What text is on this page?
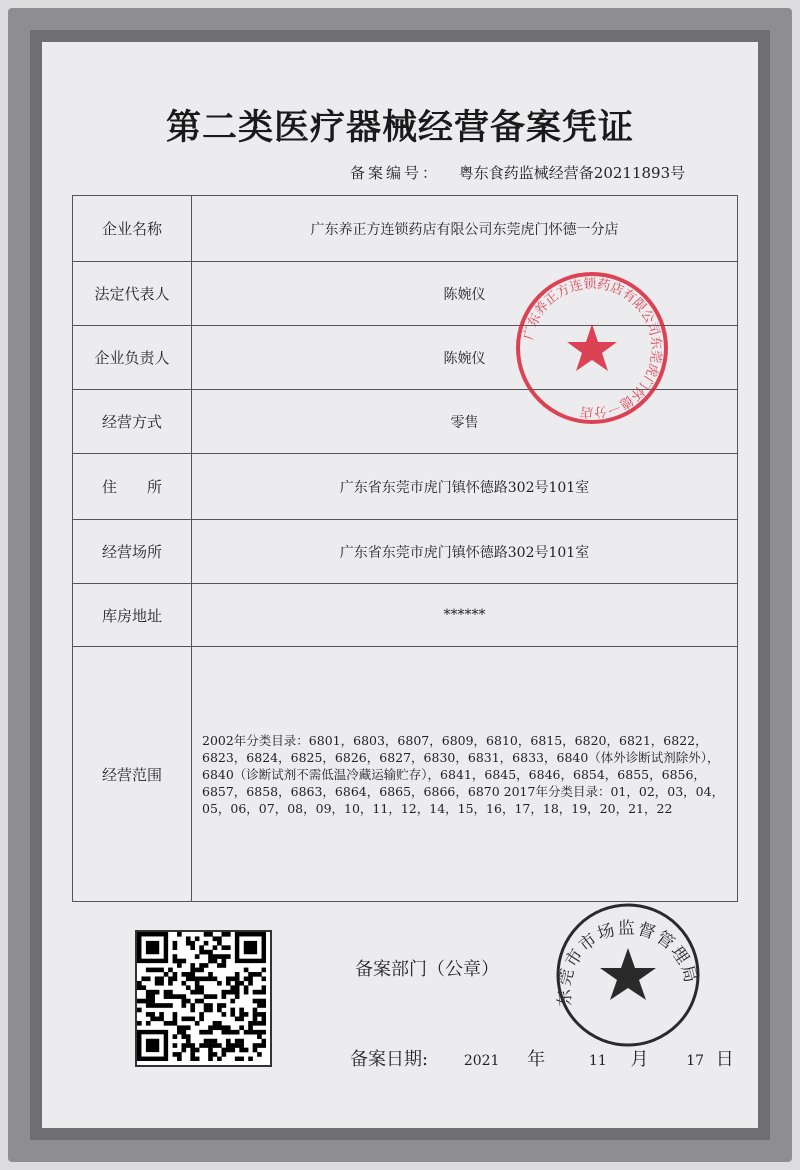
第二类医疗器械经营备案凭证
备案编号： 粤东食药监械经营备20211893号
企业名称	广东养正方连锁药店有限公司东莞虎门怀德一分店
法定代表人	陈婉仪
企业负责人	陈婉仪
经营方式	零售
住　　所	广东省东莞市虎门镇怀德路302号101室
经营场所	广东省东莞市虎门镇怀德路302号101室
库房地址	******
经营范围	2002年分类目录：6801，6803，6807，6809，6810，6815，6820，6821，6822，6823，6824，6825，6826，6827，6830，6831，6833，6840（体外诊断试剂除外），6840（诊断试剂不需低温冷藏运输贮存），6841，6845，6846，6854，6855，6856，6857，6858，6863，6864，6865，6866，6870 2017年分类目录：01，02，03，04，05，06，07，08，09，10，11，12，14，15，16，17，18，19，20，21，22
备案部门（公章）
备案日期:	2021 年	11 月	17 日
广东养正方连锁药店有限公司东莞虎门怀德一分店
东莞市市场监督管理局
